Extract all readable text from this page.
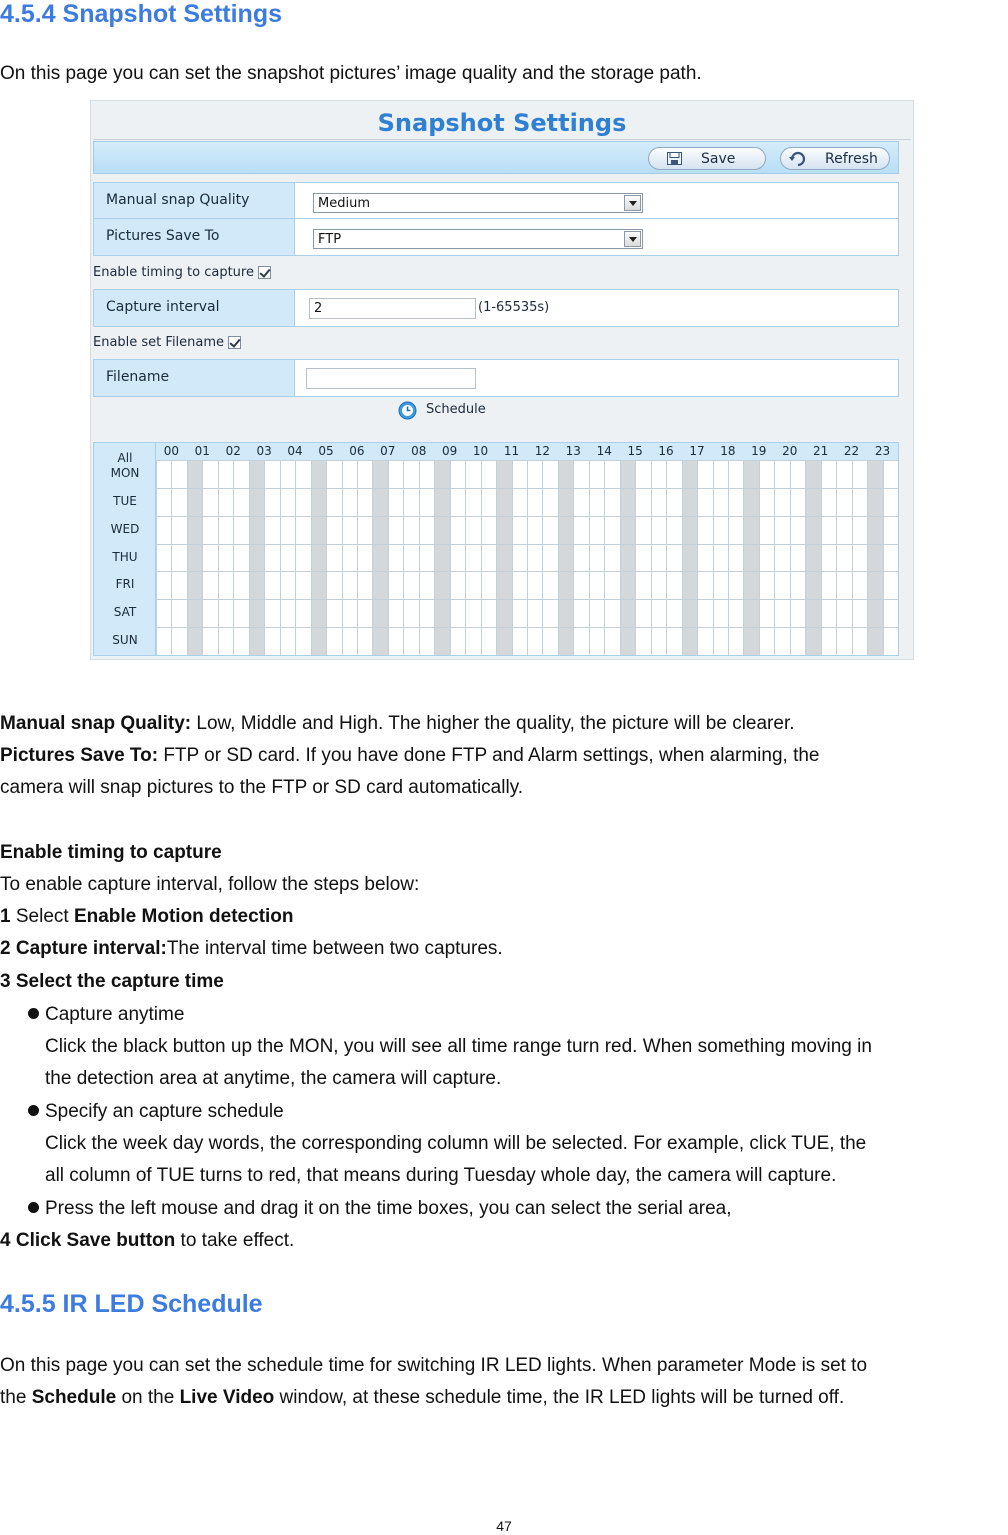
4.5.4 Snapshot Settings
On this page you can set the snapshot pictures’ image quality and the storage path.
Snapshot Settings
Save	Refresh
Manual snap Quality	Medium
Pictures Save To	FTP
Enable timing to capture
Capture interval	2	(1-65535s)
Enable set Filename
Filename
Schedule
00	01	02	03	04	05	06	07	08	09	10	11	12	13	14	15	16	17	18	19	20	21	22	23
All
MON
TUE
WED
THU
FRI
SAT
SUN
Manual snap Quality: Low, Middle and High. The higher the quality, the picture will be clearer.
Pictures Save To: FTP or SD card. If you have done FTP and Alarm settings, when alarming, the
camera will snap pictures to the FTP or SD card automatically.
Enable timing to capture
To enable capture interval, follow the steps below:
1 Select Enable Motion detection
2 Capture interval:The interval time between two captures.
3 Select the capture time
Capture anytime
Click the black button up the MON, you will see all time range turn red. When something moving in
the detection area at anytime, the camera will capture.
Specify an capture schedule
Click the week day words, the corresponding column will be selected. For example, click TUE, the
all column of TUE turns to red, that means during Tuesday whole day, the camera will capture.
Press the left mouse and drag it on the time boxes, you can select the serial area,
4 Click Save button to take effect.
4.5.5 IR LED Schedule
On this page you can set the schedule time for switching IR LED lights. When parameter Mode is set to
the Schedule on the Live Video window, at these schedule time, the IR LED lights will be turned off.
47
